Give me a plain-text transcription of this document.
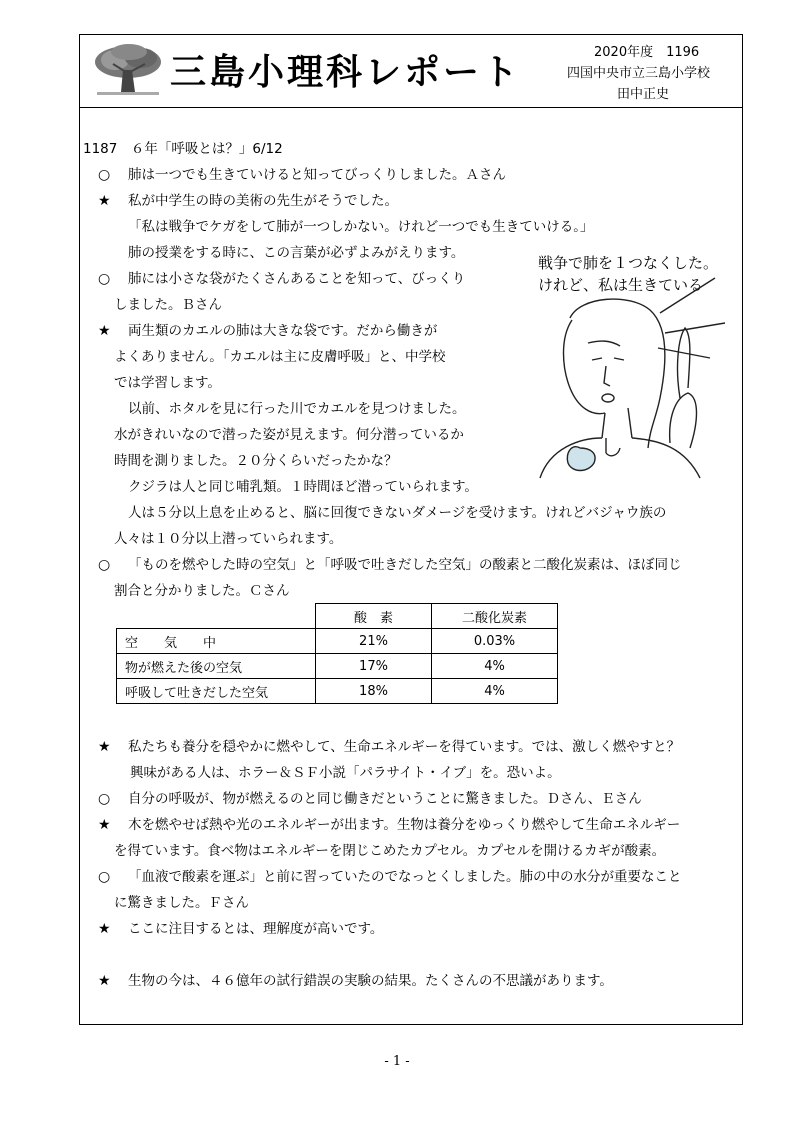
三島小理科レポート	2020年度　1196
四国中央市立三島小学校
田中正史
1187　６年「呼吸とは？」6/12
○ 肺は一つでも生きていけると知ってびっくりしました。Ａさん
★ 私が中学生の時の美術の先生がそうでした。
「私は戦争でケガをして肺が一つしかない。けれど一つでも生きていける。」
肺の授業をする時に、この言葉が必ずよみがえります。
○ 肺には小さな袋がたくさんあることを知って、びっくり
しました。Ｂさん
★ 両生類のカエルの肺は大きな袋です。だから働きが
よくありません。「カエルは主に皮膚呼吸」と、中学校
では学習します。
以前、ホタルを見に行った川でカエルを見つけました。
水がきれいなので潜った姿が見えます。何分潜っているか
時間を測りました。２０分くらいだったかな？
クジラは人と同じ哺乳類。１時間ほど潜っていられます。
人は５分以上息を止めると、脳に回復できないダメージを受けます。けれどバジャウ族の
人々は１０分以上潜っていられます。
○ 「ものを燃やした時の空気」と「呼吸で吐きだした空気」の酸素と二酸化炭素は、ほぼ同じ
割合と分かりました。Ｃさん
	酸　素	二酸化炭素
空　　気　　中	21%	0.03%
物が燃えた後の空気	17%	4%
呼吸して吐きだした空気	18%	4%
★ 私たちも養分を穏やかに燃やして、生命エネルギーを得ています。では、激しく燃やすと？
興味がある人は、ホラー＆ＳＦ小説「パラサイト・イブ」を。恐いよ。
○ 自分の呼吸が、物が燃えるのと同じ働きだということに驚きました。Ｄさん、Ｅさん
★ 木を燃やせば熱や光のエネルギーが出ます。生物は養分をゆっくり燃やして生命エネルギー
を得ています。食べ物はエネルギーを閉じこめたカプセル。カプセルを開けるカギが酸素。
○ 「血液で酸素を運ぶ」と前に習っていたのでなっとくしました。肺の中の水分が重要なこと
に驚きました。Ｆさん
★ ここに注目するとは、理解度が高いです。
★ 生物の今は、４６億年の試行錯誤の実験の結果。たくさんの不思議があります。
戦争で肺を１つなくした。
けれど、私は生きている
- 1 -
